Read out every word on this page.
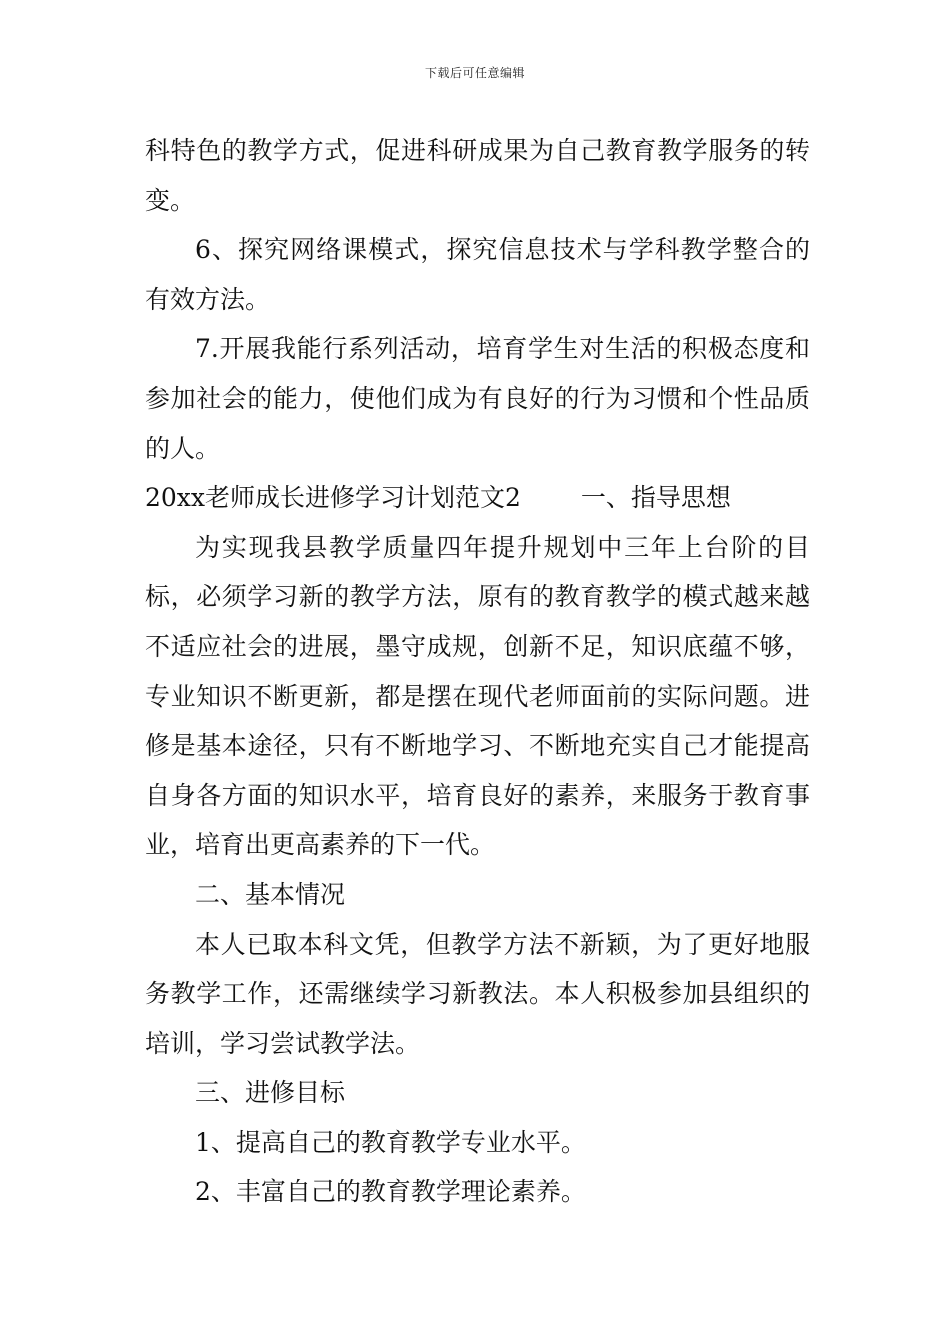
下载后可任意编辑

科特色的教学方式，促进科研成果为自己教育教学服务的转变。

6、探究网络课模式，探究信息技术与学科教学整合的有效方法。

7.开展我能行系列活动，培育学生对生活的积极态度和参加社会的能力，使他们成为有良好的行为习惯和个性品质的人。

20xx老师成长进修学习计划范文2 一、指导思想

为实现我县教学质量四年提升规划中三年上台阶的目标，必须学习新的教学方法，原有的教育教学的模式越来越不适应社会的进展，墨守成规，创新不足，知识底蕴不够，专业知识不断更新，都是摆在现代老师面前的实际问题。进修是基本途径，只有不断地学习、不断地充实自己才能提高自身各方面的知识水平，培育良好的素养，来服务于教育事业，培育出更高素养的下一代。

二、基本情况

本人已取本科文凭，但教学方法不新颖，为了更好地服务教学工作，还需继续学习新教法。本人积极参加县组织的培训，学习尝试教学法。

三、进修目标

1、提高自己的教育教学专业水平。

2、丰富自己的教育教学理论素养。
